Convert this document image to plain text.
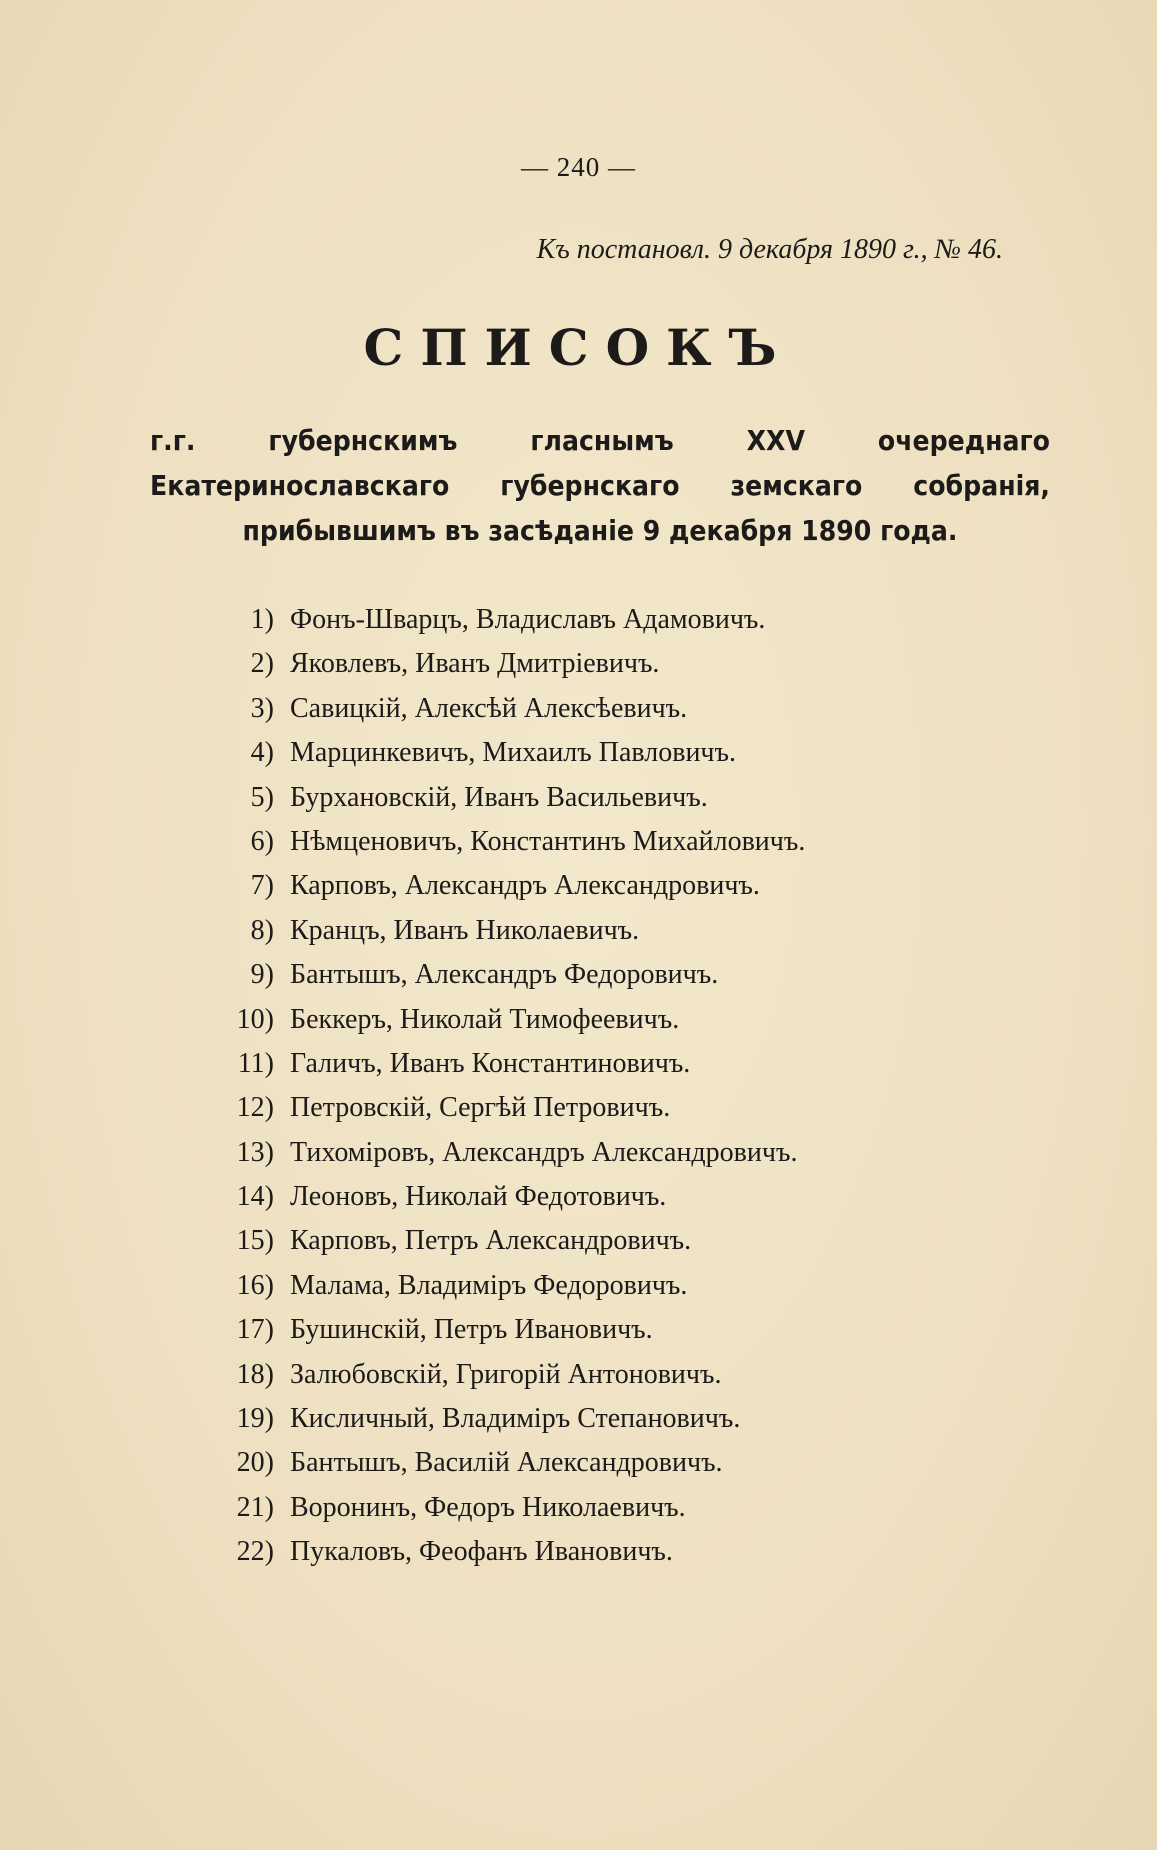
— 240 —
Къ постановл. 9 декабря 1890 г., № 46.
СПИСОКЪ
г.г. губернскимъ гласнымъ XXV очереднаго Екатеринославскаго губернскаго земскаго собранія, прибывшимъ въ засѣданіе 9 декабря 1890 года.
1) Фонъ-Шварцъ, Владиславъ Адамовичъ.
2) Яковлевъ, Иванъ Дмитріевичъ.
3) Савицкій, Алексѣй Алексѣевичъ.
4) Марцинкевичъ, Михаилъ Павловичъ.
5) Бурхановскій, Иванъ Васильевичъ.
6) Нѣмценовичъ, Константинъ Михайловичъ.
7) Карповъ, Александръ Александровичъ.
8) Кранцъ, Иванъ Николаевичъ.
9) Бантышъ, Александръ Федоровичъ.
10) Беккеръ, Николай Тимофеевичъ.
11) Галичъ, Иванъ Константиновичъ.
12) Петровскій, Сергѣй Петровичъ.
13) Тихоміровъ, Александръ Александровичъ.
14) Леоновъ, Николай Федотовичъ.
15) Карповъ, Петръ Александровичъ.
16) Малама, Владиміръ Федоровичъ.
17) Бушинскій, Петръ Ивановичъ.
18) Залюбовскій, Григорій Антоновичъ.
19) Кисличный, Владиміръ Степановичъ.
20) Бантышъ, Василій Александровичъ.
21) Воронинъ, Федоръ Николаевичъ.
22) Пукаловъ, Феофанъ Ивановичъ.
